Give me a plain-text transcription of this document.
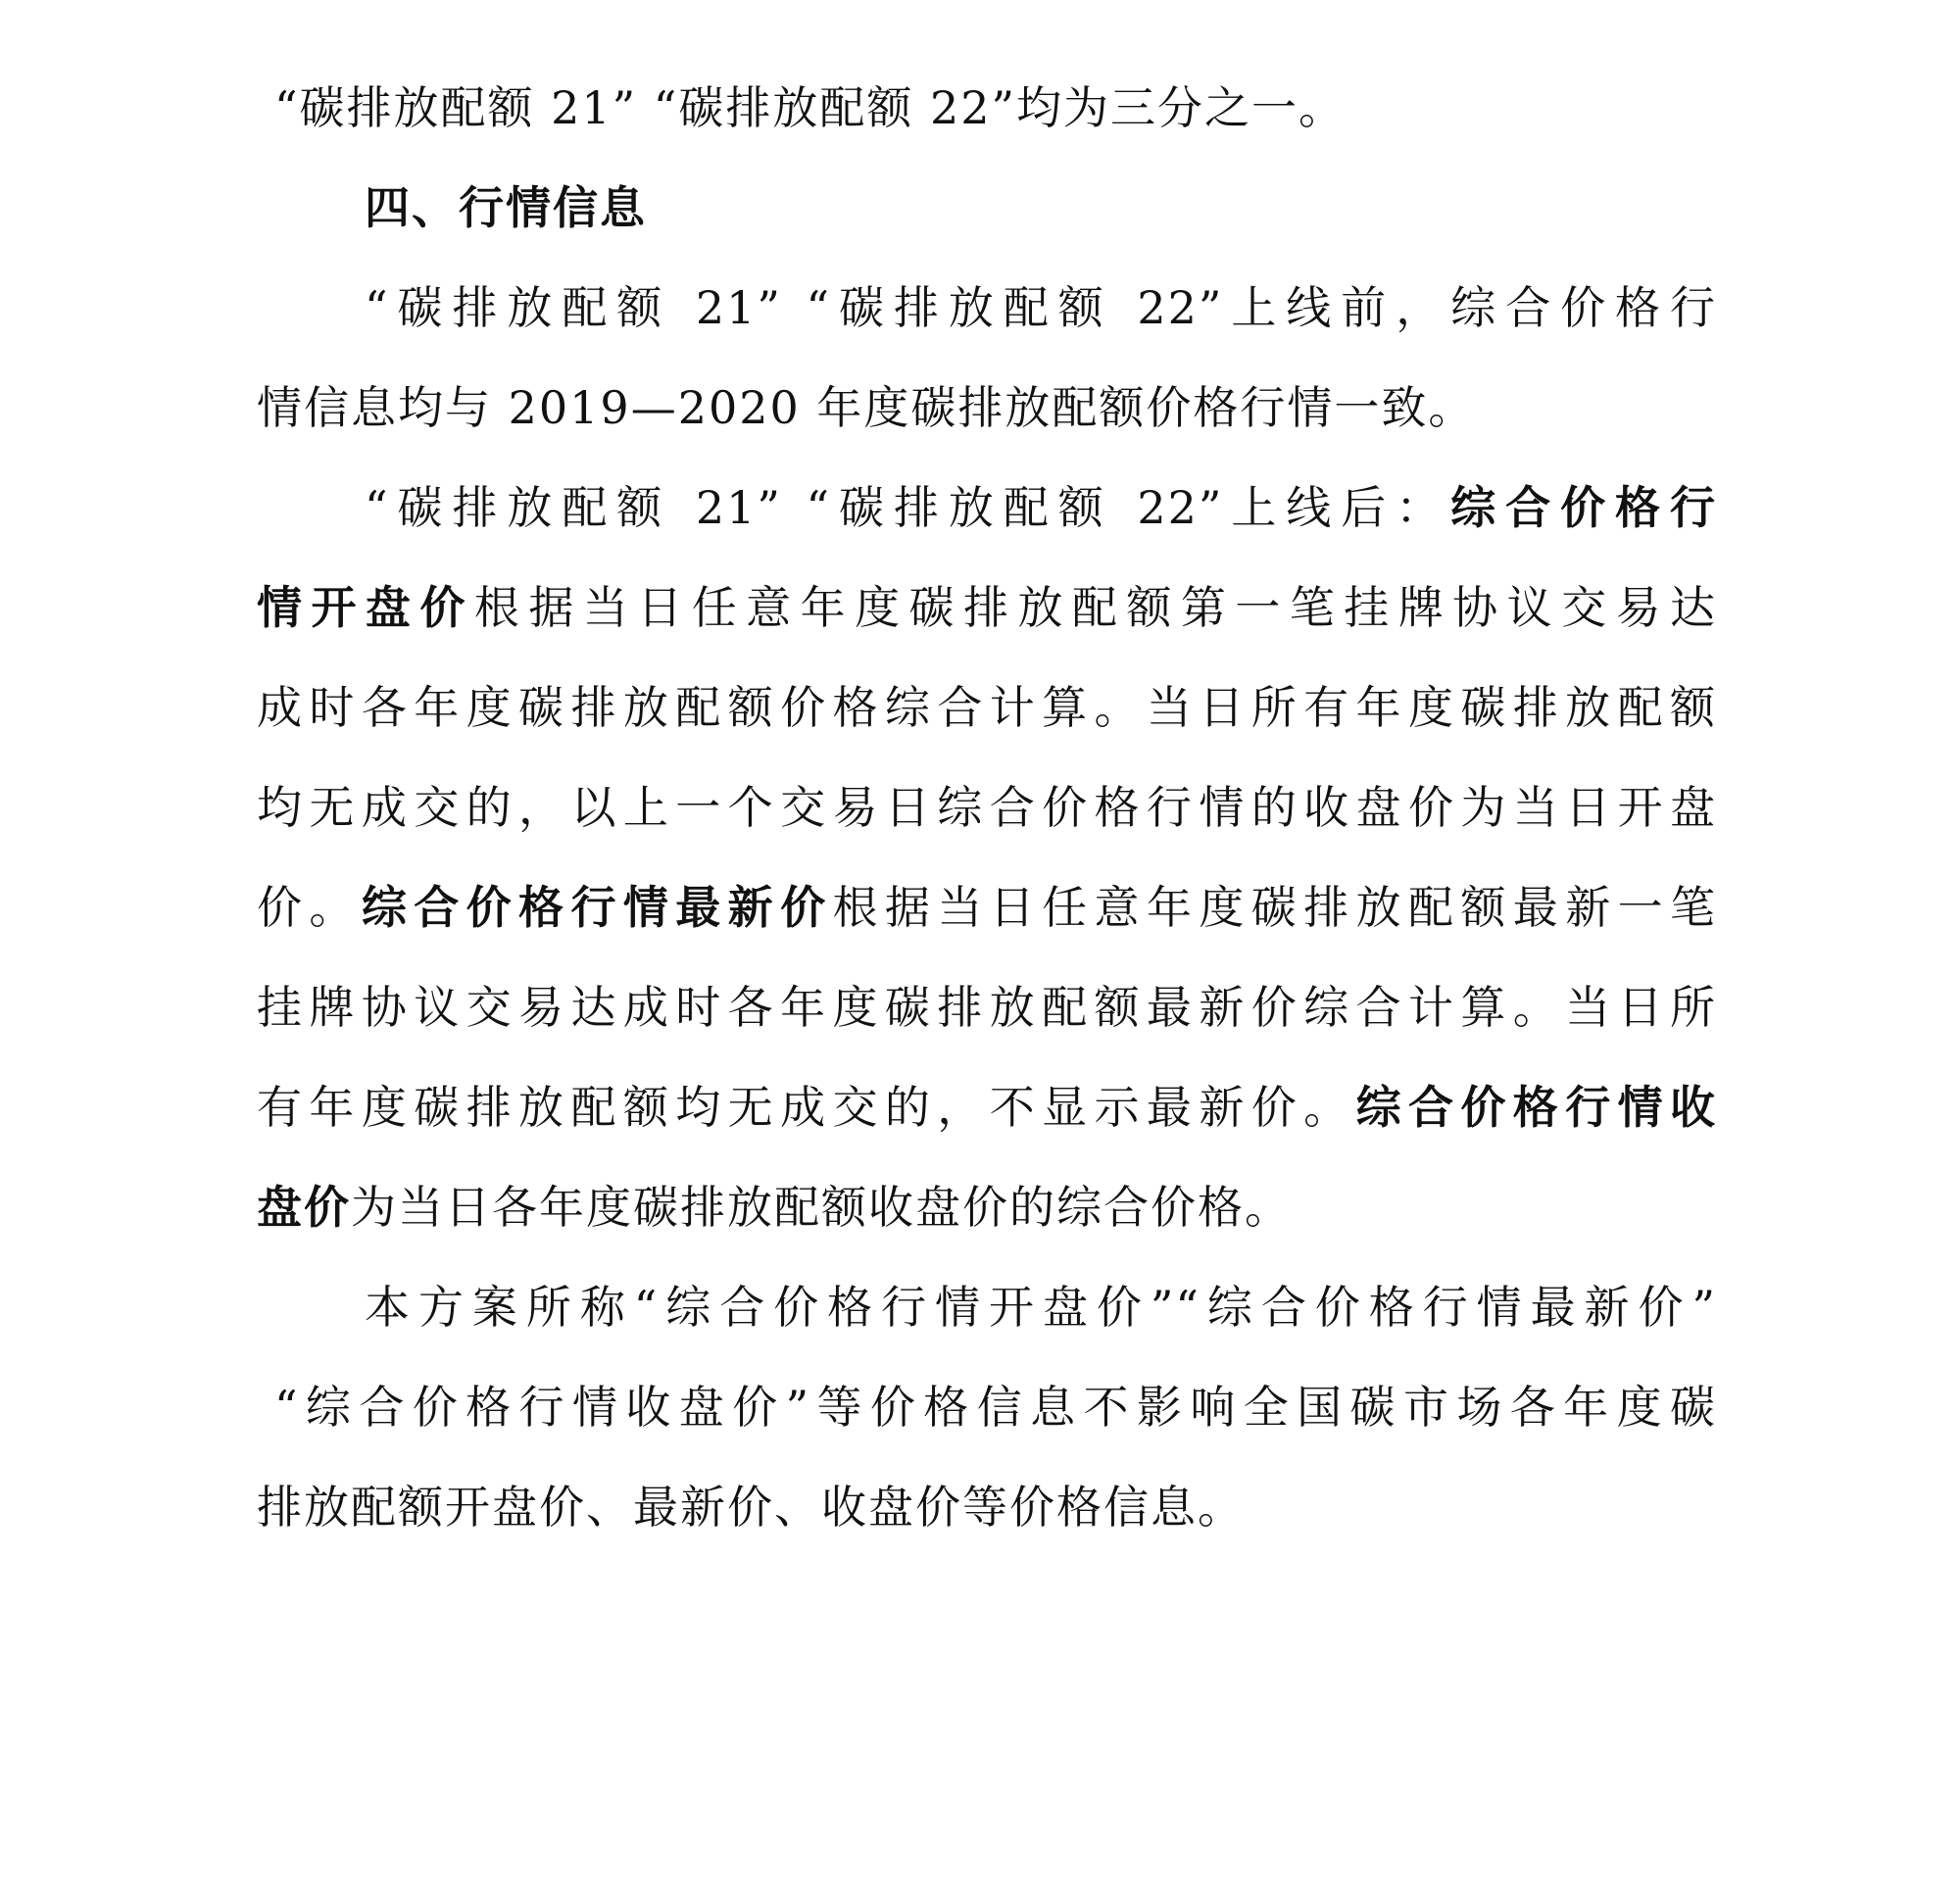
“碳排放配额 21” “碳排放配额 22”均为三分之一。
四、行情信息
“碳排放配额 21” “碳排放配额 22”上线前，综合价格行
情信息均与 2019—2020 年度碳排放配额价格行情一致。
“碳排放配额 21” “碳排放配额 22”上线后：综合价格行
情开盘价根据当日任意年度碳排放配额第一笔挂牌协议交易达
成时各年度碳排放配额价格综合计算。当日所有年度碳排放配额
均无成交的，以上一个交易日综合价格行情的收盘价为当日开盘
价。综合价格行情最新价根据当日任意年度碳排放配额最新一笔
挂牌协议交易达成时各年度碳排放配额最新价综合计算。当日所
有年度碳排放配额均无成交的，不显示最新价。综合价格行情收
盘价为当日各年度碳排放配额收盘价的综合价格。
本方案所称“综合价格行情开盘价”“综合价格行情最新价”
“综合价格行情收盘价”等价格信息不影响全国碳市场各年度碳
排放配额开盘价、最新价、收盘价等价格信息。
